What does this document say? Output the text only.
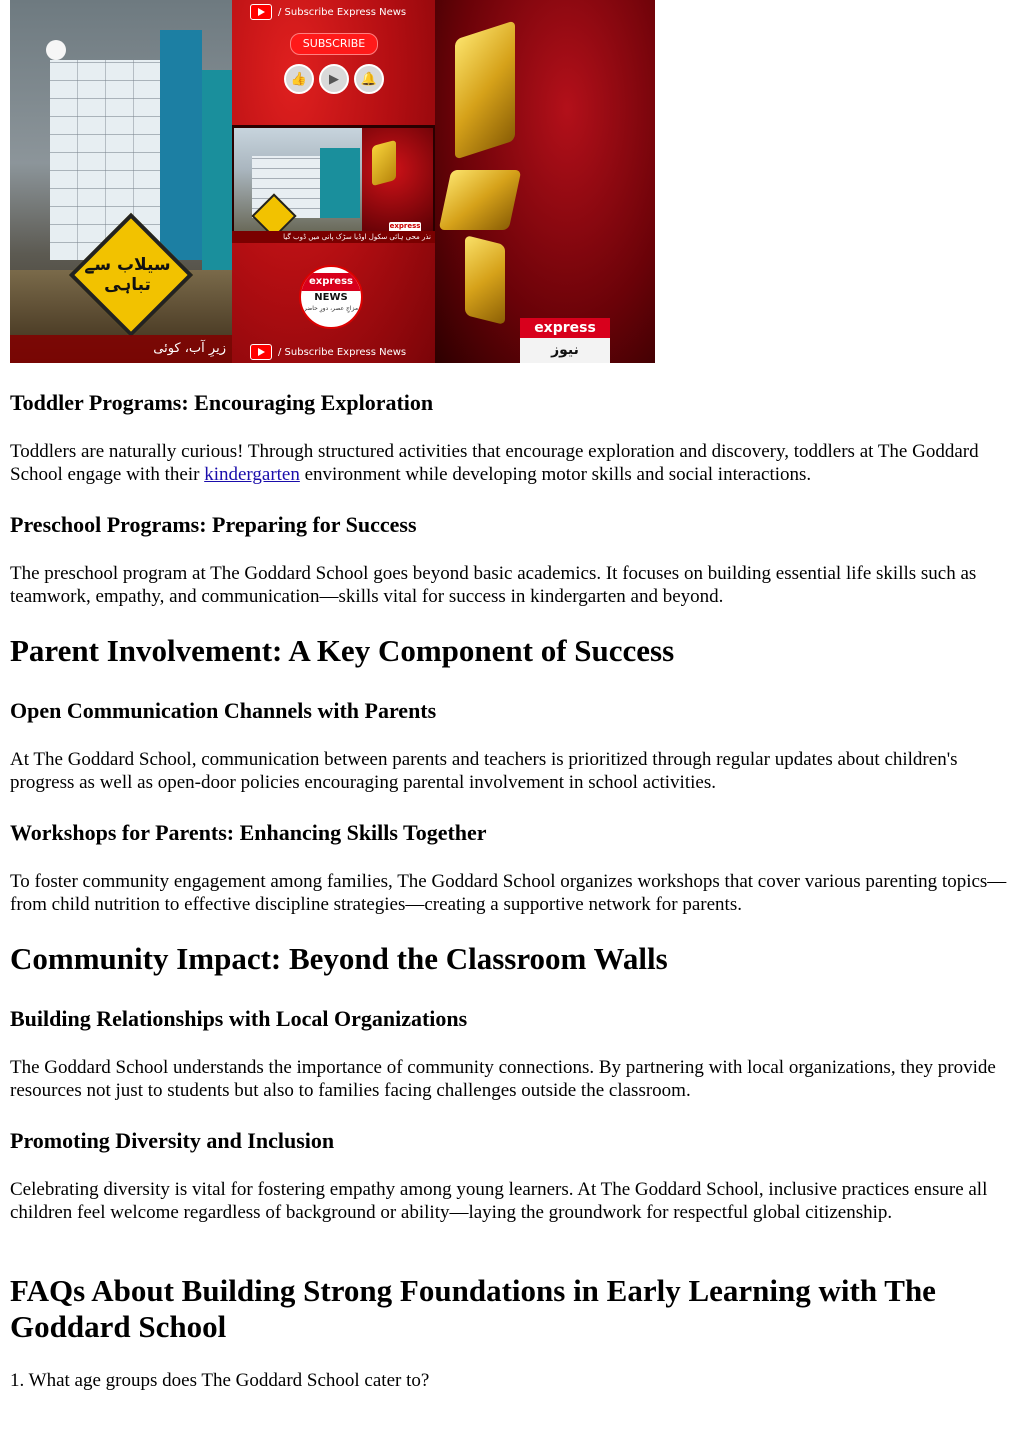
سیلاب سے تباہی
زیرِ آب، کوئی
/ Subscribe Express News
SUBSCRIBE
👍	▶	🔔
express
نذر محی ہائی سکول اوڈیا سڑک پانی میں ڈوب گیا
express
NEWS
مزاجِ عصر، دورِ حاضر
/ Subscribe Express News
express
نیوز
Toddler Programs: Encouraging Exploration

Toddlers are naturally curious! Through structured activities that encourage exploration and discovery, toddlers at The Goddard School engage with their kindergarten environment while developing motor skills and social interactions.

Preschool Programs: Preparing for Success

The preschool program at The Goddard School goes beyond basic academics. It focuses on building essential life skills such as teamwork, empathy, and communication—skills vital for success in kindergarten and beyond.

Parent Involvement: A Key Component of Success
Open Communication Channels with Parents

At The Goddard School, communication between parents and teachers is prioritized through regular updates about children's progress as well as open-door policies encouraging parental involvement in school activities.

Workshops for Parents: Enhancing Skills Together

To foster community engagement among families, The Goddard School organizes workshops that cover various parenting topics—from child nutrition to effective discipline strategies—creating a supportive network for parents.

Community Impact: Beyond the Classroom Walls
Building Relationships with Local Organizations

The Goddard School understands the importance of community connections. By partnering with local organizations, they provide resources not just to students but also to families facing challenges outside the classroom.

Promoting Diversity and Inclusion

Celebrating diversity is vital for fostering empathy among young learners. At The Goddard School, inclusive practices ensure all children feel welcome regardless of background or ability—laying the groundwork for respectful global citizenship.

FAQs About Building Strong Foundations in Early Learning with The Goddard School

1. What age groups does The Goddard School cater to?
